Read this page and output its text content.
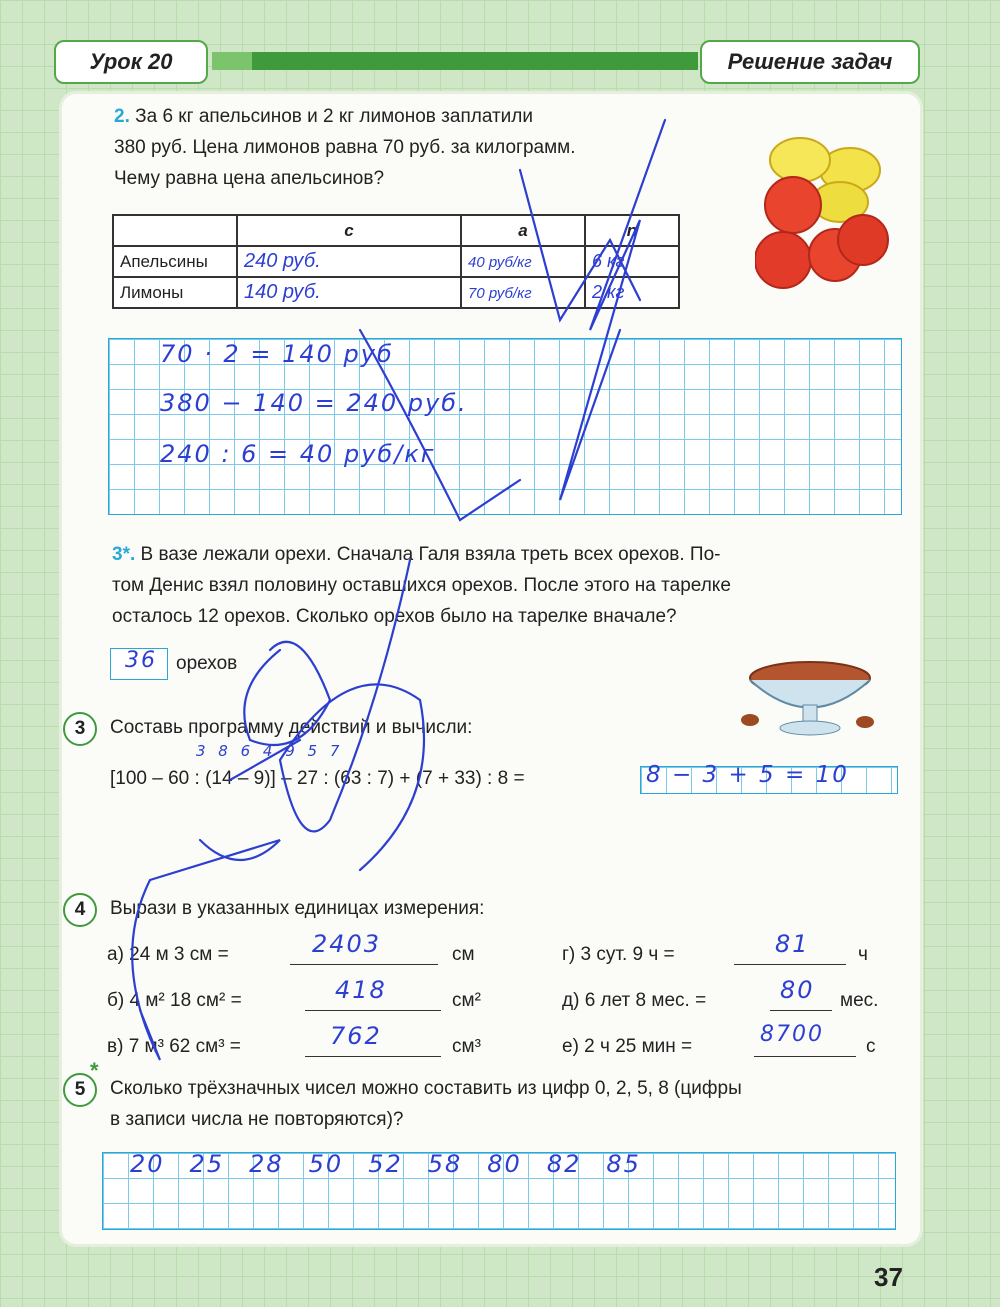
Урок 20	Решение задач
2. За 6 кг апельсинов и 2 кг лимонов заплатили
380 руб. Цена лимонов равна 70 руб. за килограмм.
Чему равна цена апельсинов?
	c	a	n
Апельсины	240 руб.	40 руб/кг	6 кг
Лимоны	140 руб.	70 руб/кг	2 кг
70 · 2 = 140 руб
380 − 140 = 240 руб.
240 : 6 = 40 руб/кг
3*. В вазе лежали орехи. Сначала Галя взяла треть всех орехов. По-
том Денис взял половину оставшихся орехов. После этого на тарелке
осталось 12 орехов. Сколько орехов было на тарелке вначале?
36 орехов
3	Составь программу действий и вычисли:
3 8 6 4 9 5 7
[100 – 60 : (14 – 9)] – 27 : (63 : 7) + (7 + 33) : 8 =	8 − 3 + 5 = 10
4	Вырази в указанных единицах измерения:
а) 24 м 3 см =	2403	см
б) 4 м² 18 см² =	418	см²
в) 7 м³ 62 см³ =	762	см³
г) 3 сут. 9 ч =	81	ч
д) 6 лет 8 мес. =	80 мес.
е) 2 ч 25 мин =	8700 с
5
*
Сколько трёхзначных чисел можно составить из цифр 0, 2, 5, 8 (цифры
в записи числа не повторяются)?
20 25 28 50 52 58 80 82 85
37
